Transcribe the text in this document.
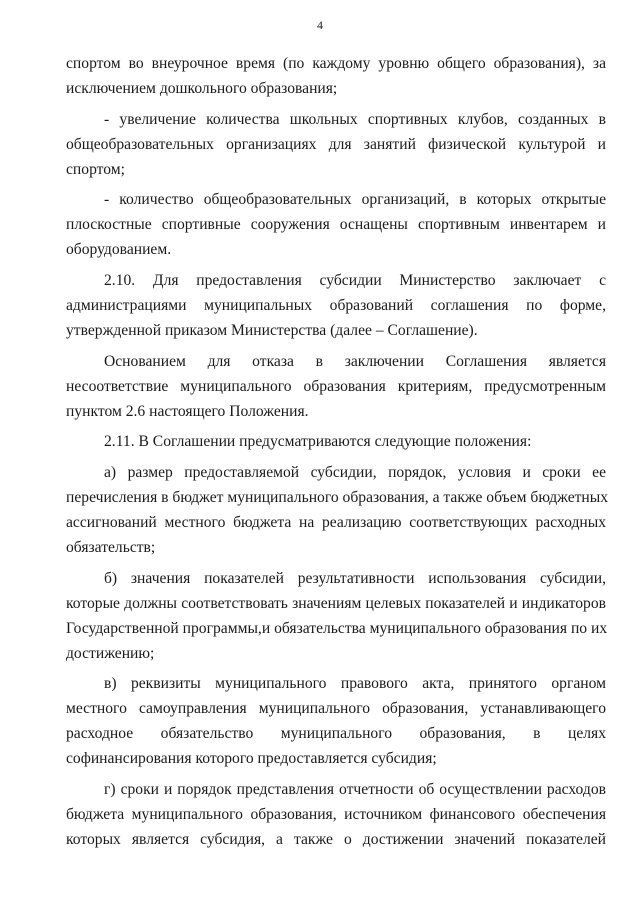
4
спортом во внеурочное время (по каждому уровню общего образования), за
исключением дошкольного образования;
- увеличение количества школьных спортивных клубов, созданных в
общеобразовательных организациях для занятий физической культурой и
спортом;
- количество общеобразовательных организаций, в которых открытые
плоскостные спортивные сооружения оснащены спортивным инвентарем и
оборудованием.
2.10. Для предоставления субсидии Министерство заключает с
администрациями муниципальных образований соглашения по форме,
утвержденной приказом Министерства (далее – Соглашение).
Основанием для отказа в заключении Соглашения является
несоответствие муниципального образования критериям, предусмотренным
пунктом 2.6 настоящего Положения.
2.11. В Соглашении предусматриваются следующие положения:
а) размер предоставляемой субсидии, порядок, условия и сроки ее
перечисления в бюджет муниципального образования, а также объем бюджетных
ассигнований местного бюджета на реализацию соответствующих расходных
обязательств;
б) значения показателей результативности использования субсидии,
которые должны соответствовать значениям целевых показателей и индикаторов
Государственной программы,и обязательства муниципального образования по их
достижению;
в) реквизиты муниципального правового акта, принятого органом
местного самоуправления муниципального образования, устанавливающего
расходное обязательство муниципального образования, в целях
софинансирования которого предоставляется субсидия;
г) сроки и порядок представления отчетности об осуществлении расходов
бюджета муниципального образования, источником финансового обеспечения
которых является субсидия, а также о достижении значений показателей
